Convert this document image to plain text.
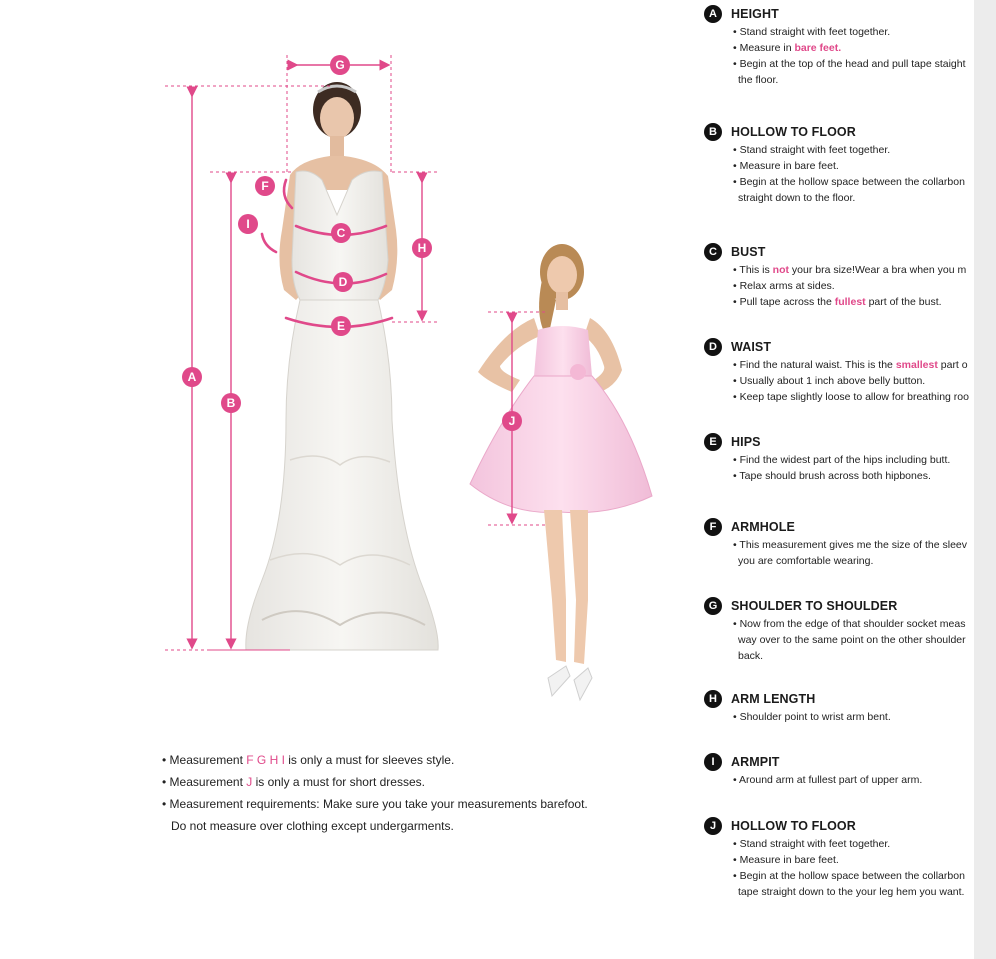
A
B
C
D
E
F
G
H
I
J
• Measurement F G H I is only a must for sleeves style.
• Measurement J is only a must for short dresses.
• Measurement requirements: Make sure you take your measurements barefoot.
Do not measure over clothing except undergarments.
A	HEIGHT
• Stand straight with feet together.
• Measure in bare feet.
• Begin at the top of the head and pull tape staight
the floor.
B	HOLLOW TO FLOOR
• Stand straight with feet together.
• Measure in bare feet.
• Begin at the hollow space between the collarbon
straight down to the floor.
C	BUST
• This is not your bra size!Wear a bra when you m
• Relax arms at sides.
• Pull tape across the fullest part of the bust.
D	WAIST
• Find the natural waist. This is the smallest part o
• Usually about 1 inch above belly button.
• Keep tape slightly loose to allow for breathing roo
E	HIPS
• Find the widest part of the hips including butt.
• Tape should brush across both hipbones.
F	ARMHOLE
• This measurement gives me the size of the sleev
you are comfortable wearing.
G	SHOULDER TO SHOULDER
• Now from the edge of that shoulder socket meas
way over to the same point on the other shoulder
back.
H	ARM LENGTH
• Shoulder point to wrist arm bent.
I	ARMPIT
• Around arm at fullest part of upper arm.
J	HOLLOW TO FLOOR
• Stand straight with feet together.
• Measure in bare feet.
• Begin at the hollow space between the collarbon
tape straight down to the your leg hem you want.
